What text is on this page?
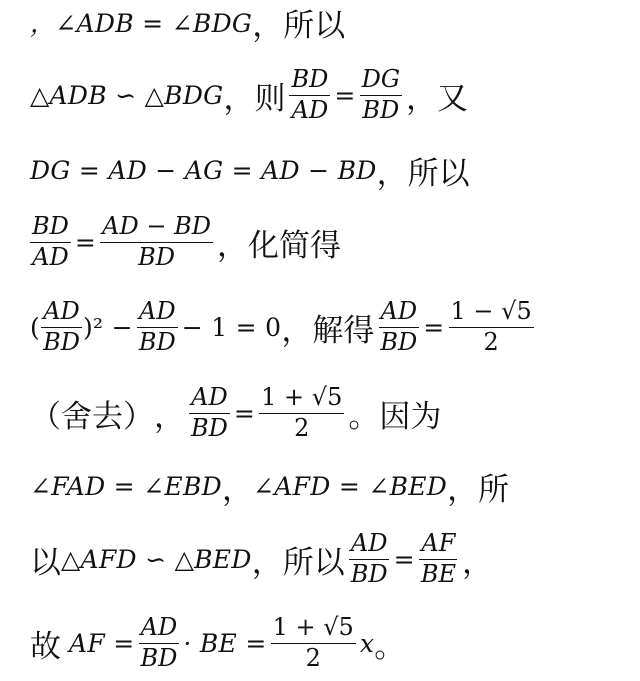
，∠ADB = ∠BDG ，所以
△ADB ∽ △BDG ，则 $\frac{BD}{AD} = \frac{DG}{BD}$ ，又
DG = AD − AG = AD − BD ，所以
$\frac{BD}{AD} = \frac{AD - BD}{BD}$ ，化简得
( $\frac{AD}{BD} )^2 - \frac{AD}{BD} - 1 = 0$ ，解得 $\frac{AD}{BD} = \frac{1 - √5}{2}$
（舍去） ， $\frac{AD}{BD} = \frac{1 + √5}{2}$ 。因为
∠FAD = ∠EBD ， ∠AFD = ∠BED ，所
以 △AFD ∽ △BED ，所以 $\frac{AD}{BD} = \frac{AF}{BE}$ ，
故 AF = $\frac{AD}{BD}$ · BE = $\frac{1 + √5}{2}$ x 。
